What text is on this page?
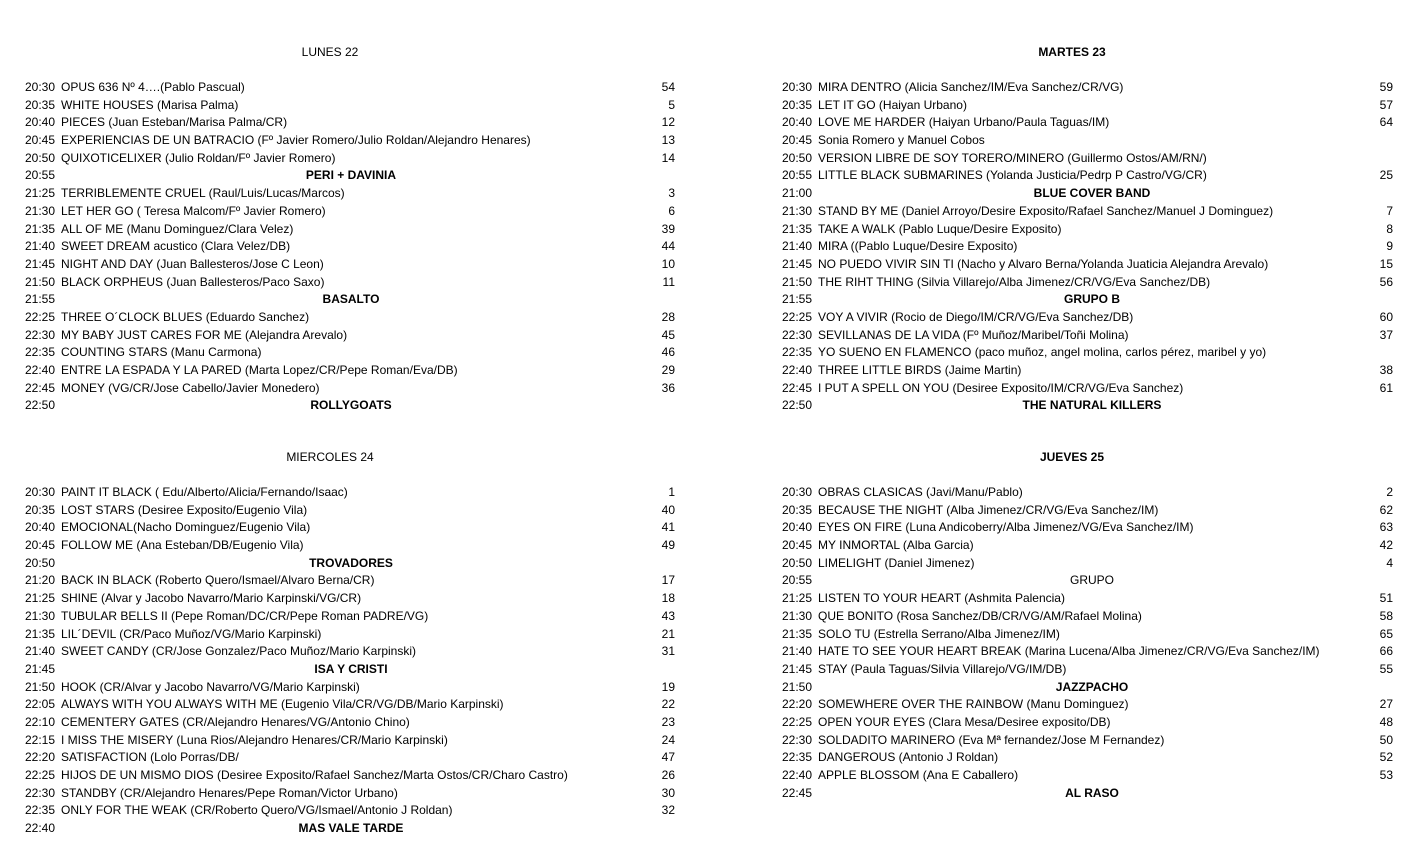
LUNES 22
20:30 OPUS 636 Nº 4….(Pablo Pascual)	54
20:35 WHITE HOUSES (Marisa Palma)	5
20:40 PIECES (Juan Esteban/Marisa Palma/CR)	12
20:45 EXPERIENCIAS DE UN BATRACIO (Fº Javier Romero/Julio Roldan/Alejandro Henares)	13
20:50 QUIXOTICELIXER (Julio Roldan/Fº Javier Romero)	14
20:55	PERI + DAVINIA
21:25 TERRIBLEMENTE CRUEL (Raul/Luis/Lucas/Marcos)	3
21:30 LET HER GO ( Teresa Malcom/Fº Javier Romero)	6
21:35 ALL OF ME (Manu Dominguez/Clara Velez)	39
21:40 SWEET DREAM acustico (Clara Velez/DB)	44
21:45 NIGHT AND DAY (Juan Ballesteros/Jose C Leon)	10
21:50 BLACK ORPHEUS (Juan Ballesteros/Paco Saxo)	11
21:55	BASALTO
22:25 THREE O´CLOCK BLUES (Eduardo Sanchez)	28
22:30 MY BABY JUST CARES FOR ME (Alejandra Arevalo)	45
22:35 COUNTING STARS (Manu Carmona)	46
22:40 ENTRE LA ESPADA Y LA PARED (Marta Lopez/CR/Pepe Roman/Eva/DB)	29
22:45 MONEY (VG/CR/Jose Cabello/Javier Monedero)	36
22:50	ROLLYGOATS
MARTES 23
20:30 MIRA DENTRO (Alicia Sanchez/IM/Eva Sanchez/CR/VG)	59
20:35 LET IT GO (Haiyan Urbano)	57
20:40 LOVE ME HARDER (Haiyan Urbano/Paula Taguas/IM)	64
20:45 Sonia Romero y Manuel Cobos
20:50 VERSION LIBRE DE SOY TORERO/MINERO (Guillermo Ostos/AM/RN/)
20:55 LITTLE BLACK SUBMARINES (Yolanda Justicia/Pedrp P Castro/VG/CR)	25
21:00	BLUE COVER BAND
21:30 STAND BY ME (Daniel Arroyo/Desire Exposito/Rafael Sanchez/Manuel J Dominguez)	7
21:35 TAKE A WALK (Pablo Luque/Desire Exposito)	8
21:40 MIRA ((Pablo Luque/Desire Exposito)	9
21:45 NO PUEDO VIVIR SIN TI (Nacho y Alvaro Berna/Yolanda Juaticia Alejandra Arevalo)	15
21:50 THE RIHT THING (Silvia Villarejo/Alba Jimenez/CR/VG/Eva Sanchez/DB)	56
21:55	GRUPO B
22:25 VOY A VIVIR (Rocio de Diego/IM/CR/VG/Eva Sanchez/DB)	60
22:30 SEVILLANAS DE LA VIDA (Fº Muñoz/Maribel/Toñi Molina)	37
22:35 YO SUENO EN FLAMENCO (paco muñoz, angel molina, carlos pérez, maribel y yo)
22:40 THREE LITTLE BIRDS (Jaime Martin)	38
22:45 I PUT A SPELL ON YOU (Desiree Exposito/IM/CR/VG/Eva Sanchez)	61
22:50	THE NATURAL KILLERS
MIERCOLES 24
20:30 PAINT IT BLACK ( Edu/Alberto/Alicia/Fernando/Isaac)	1
20:35 LOST STARS (Desiree Exposito/Eugenio Vila)	40
20:40 EMOCIONAL(Nacho Dominguez/Eugenio Vila)	41
20:45 FOLLOW ME (Ana Esteban/DB/Eugenio Vila)	49
20:50	TROVADORES
21:20 BACK IN BLACK (Roberto Quero/Ismael/Alvaro Berna/CR)	17
21:25 SHINE (Alvar y Jacobo Navarro/Mario Karpinski/VG/CR)	18
21:30 TUBULAR BELLS II (Pepe Roman/DC/CR/Pepe Roman PADRE/VG)	43
21:35 LIL´DEVIL (CR/Paco Muñoz/VG/Mario Karpinski)	21
21:40 SWEET CANDY (CR/Jose Gonzalez/Paco Muñoz/Mario Karpinski)	31
21:45	ISA Y CRISTI
21:50 HOOK (CR/Alvar y Jacobo Navarro/VG/Mario Karpinski)	19
22:05 ALWAYS WITH YOU ALWAYS WITH ME (Eugenio Vila/CR/VG/DB/Mario Karpinski)	22
22:10 CEMENTERY GATES (CR/Alejandro Henares/VG/Antonio Chino)	23
22:15 I MISS THE MISERY (Luna Rios/Alejandro Henares/CR/Mario Karpinski)	24
22:20 SATISFACTION (Lolo Porras/DB/	47
22:25 HIJOS DE UN MISMO DIOS (Desiree Exposito/Rafael Sanchez/Marta Ostos/CR/Charo Castro)	26
22:30 STANDBY (CR/Alejandro Henares/Pepe Roman/Victor Urbano)	30
22:35 ONLY FOR THE WEAK (CR/Roberto Quero/VG/Ismael/Antonio J Roldan)	32
22:40	MAS VALE TARDE
JUEVES 25
20:30 OBRAS CLASICAS (Javi/Manu/Pablo)	2
20:35 BECAUSE THE NIGHT (Alba Jimenez/CR/VG/Eva Sanchez/IM)	62
20:40 EYES ON FIRE (Luna Andicoberry/Alba Jimenez/VG/Eva Sanchez/IM)	63
20:45 MY INMORTAL (Alba Garcia)	42
20:50 LIMELIGHT (Daniel Jimenez)	4
20:55	GRUPO
21:25 LISTEN TO YOUR HEART (Ashmita Palencia)	51
21:30 QUE BONITO (Rosa Sanchez/DB/CR/VG/AM/Rafael Molina)	58
21:35 SOLO TU (Estrella Serrano/Alba Jimenez/IM)	65
21:40 HATE TO SEE YOUR HEART BREAK (Marina Lucena/Alba Jimenez/CR/VG/Eva Sanchez/IM)	66
21:45 STAY (Paula Taguas/Silvia Villarejo/VG/IM/DB)	55
21:50	JAZZPACHO
22:20 SOMEWHERE OVER THE RAINBOW (Manu Dominguez)	27
22:25 OPEN YOUR EYES (Clara Mesa/Desiree exposito/DB)	48
22:30 SOLDADITO MARINERO (Eva Mª fernandez/Jose M Fernandez)	50
22:35 DANGEROUS (Antonio J Roldan)	52
22:40 APPLE BLOSSOM (Ana E Caballero)	53
22:45	AL RASO
